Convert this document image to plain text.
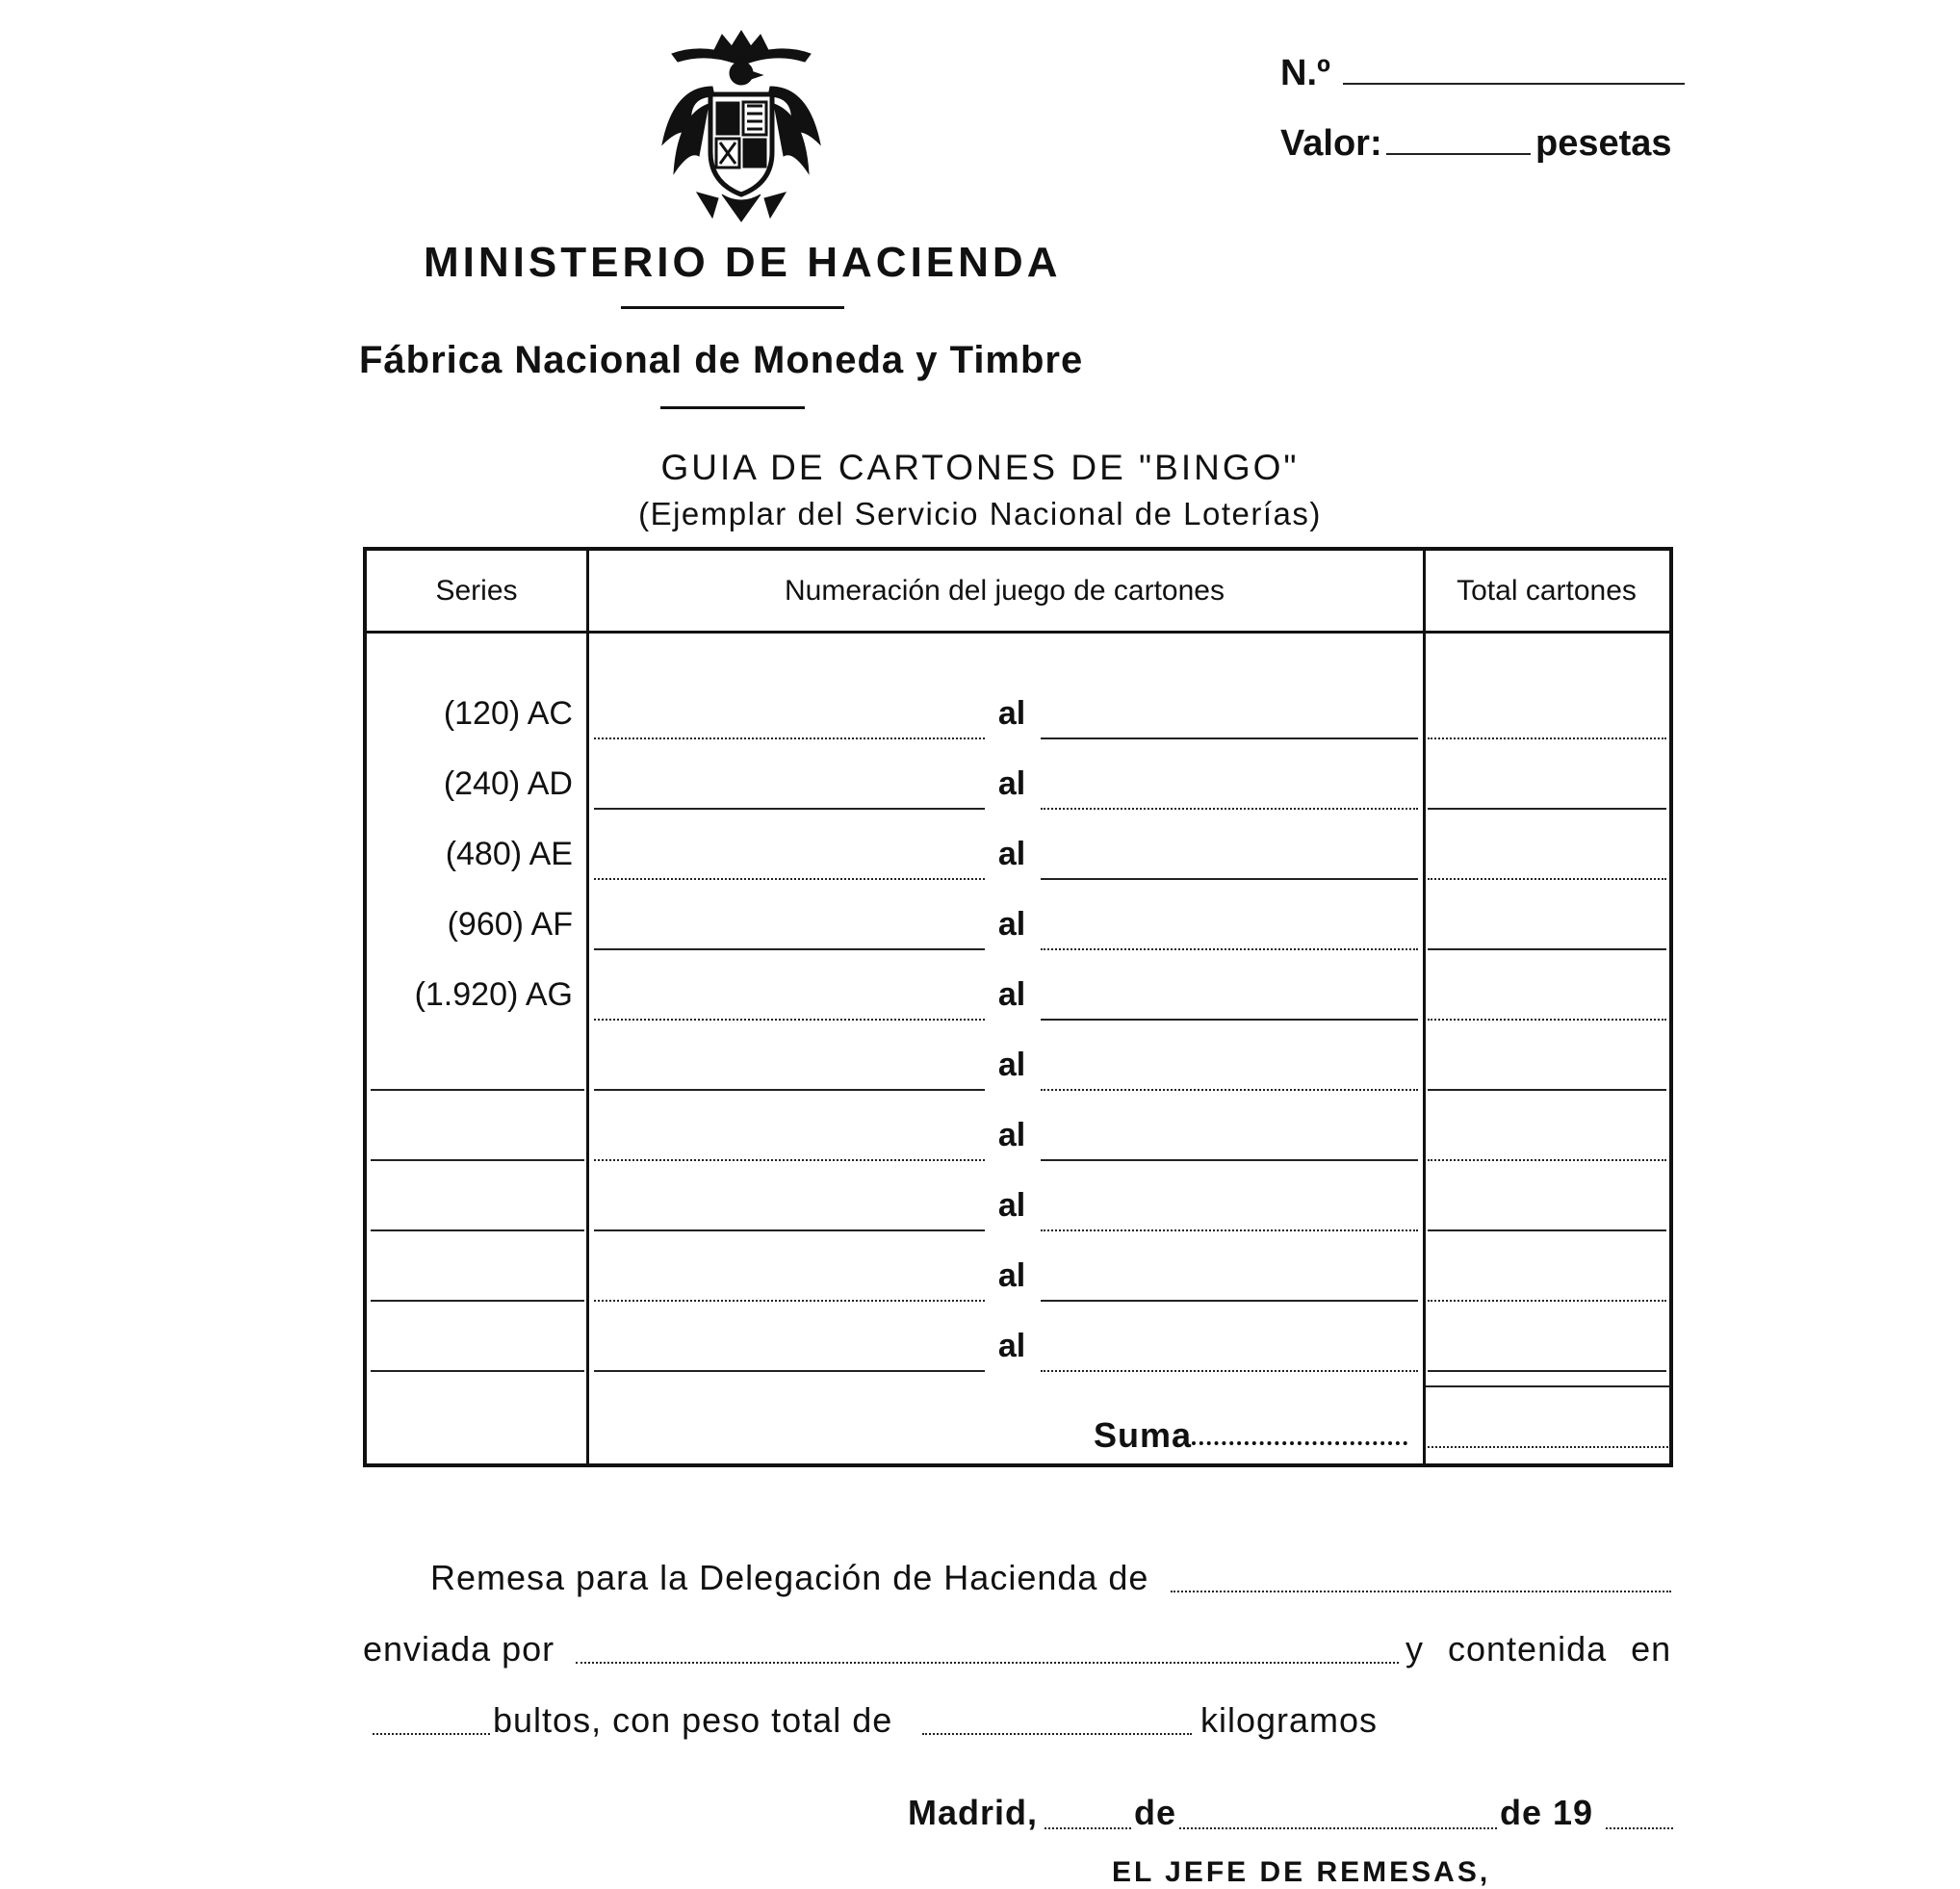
MINISTERIO DE HACIENDA
Fábrica Nacional de Moneda y Timbre
N.º
Valor:	pesetas
GUIA DE CARTONES DE "BINGO"
(Ejemplar del Servicio Nacional de Loterías)
Series	Numeración del juego de cartones	Total cartones
(120) AC	al
(240) AD	al
(480) AE	al
(960) AF	al
(1.920) AG	al
al
al
al
al
al
Suma
Remesa para la Delegación de Hacienda de
enviada por	y contenida en
bultos, con peso total de	kilogramos
Madrid,	de	de 19
EL JEFE DE REMESAS,
